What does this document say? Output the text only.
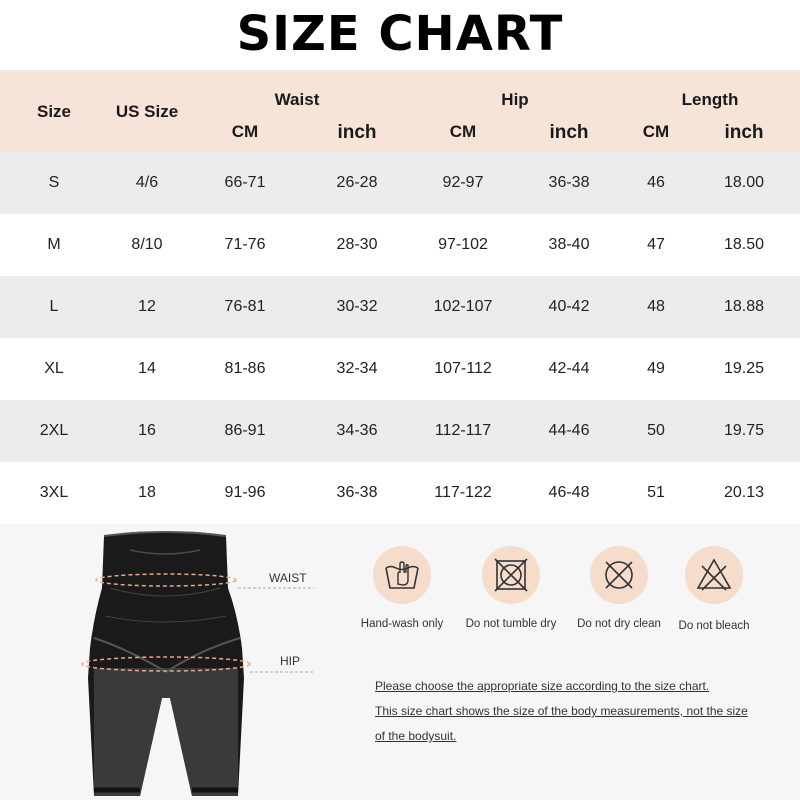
SIZE CHART
Size	US Size
Waist	Hip	Length
CM	inch	CM	inch	CM	inch
S	4/6	66-71	26-28	92-97	36-38	46	18.00
M	8/10	71-76	28-30	97-102	38-40	47	18.50
L	12	76-81	30-32	102-107	40-42	48	18.88
XL	14	81-86	32-34	107-112	42-44	49	19.25
2XL	16	86-91	34-36	112-117	44-46	50	19.75
3XL	18	91-96	36-38	117-122	46-48	51	20.13
WAIST
HIP
Hand-wash only	Do not tumble dry	Do not dry clean	Do not bleach

Please choose the appropriate size according to the size chart.

This size chart shows the size of the body measurements, not the size

of the bodysuit.
